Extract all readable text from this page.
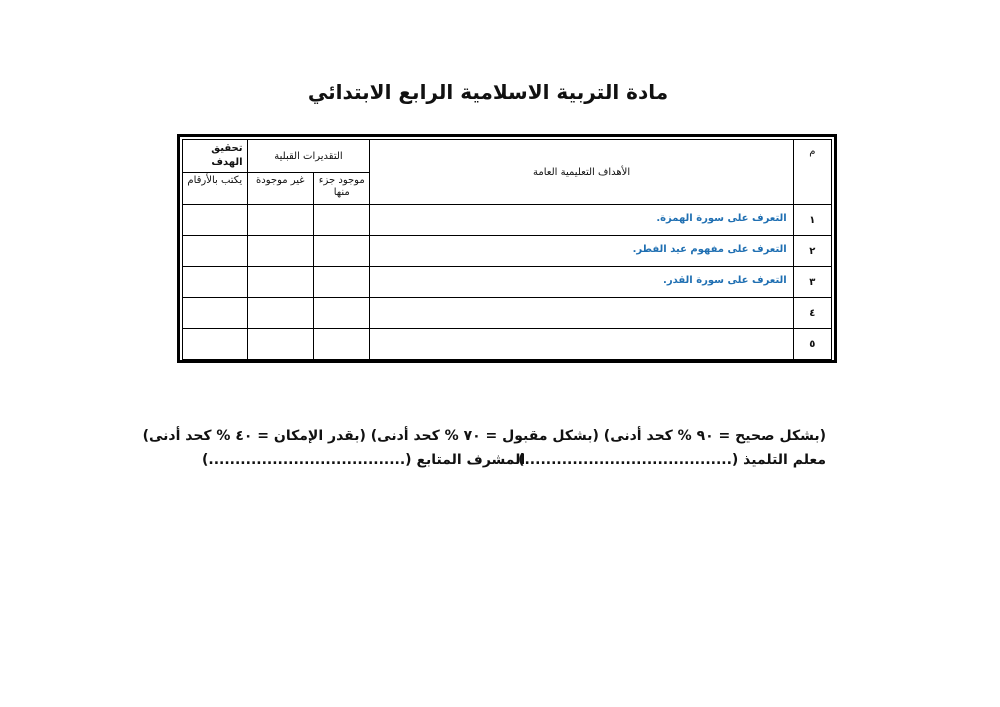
مادة التربية الاسلامية الرابع الابتدائي
م	الأهداف التعليمية العامة	التقديرات القبلية		تحقيق الهدف
		موجود جزء منها	غير موجودة	يكتب بالأرقام
١	التعرف على سورة الهمزة.			
٢	التعرف على مفهوم عيد الفطر.			
٣	التعرف على سورة القدر.			
٤				
٥				
(بشكل صحيح = ٩٠ % كحد أدنى) (بشكل مقبول = ٧٠ % كحد أدنى) (بقدر الإمكان = ٤٠ % كحد أدنى)
معلم التلميذ (.......................................)
المشرف المتابع (.....................................)
